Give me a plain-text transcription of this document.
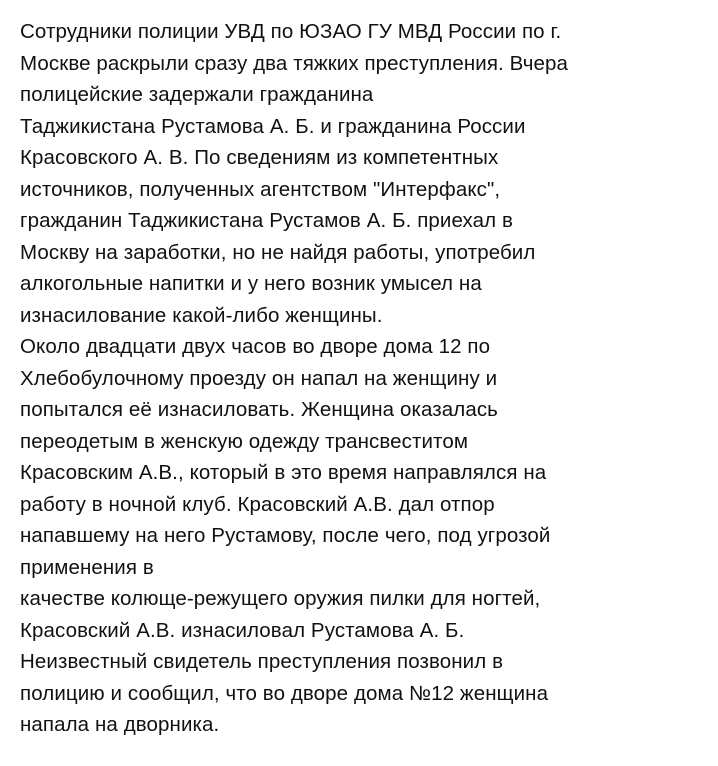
Сотрудники полиции УВД по ЮЗАО ГУ МВД России по г.
Москве раскрыли сразу два тяжких преступления. Вчера
полицейские задержали гражданина
Таджикистана Рустамова А. Б. и гражданина России
Красовского А. В. По сведениям из компетентных
источников, полученных агентством "Интерфакс",
гражданин Таджикистана Рустамов А. Б. приехал в
Москву на заработки, но не найдя работы, употребил
алкогольные напитки и у него возник умысел на
изнасилование какой-либо женщины.
Около двадцати двух часов во дворе дома 12 по
Хлебобулочному проезду он напал на женщину и
попытался её изнасиловать. Женщина оказалась
переодетым в женскую одежду трансвеститом
Красовским А.В., который в это время направлялся на
работу в ночной клуб. Красовский А.В. дал отпор
напавшему на него Рустамову, после чего, под угрозой
применения в
качестве колюще-режущего оружия пилки для ногтей,
Красовский А.В. изнасиловал Рустамова А. Б.
Неизвестный свидетель преступления позвонил в
полицию и сообщил, что во дворе дома №12 женщина
напала на дворника.
